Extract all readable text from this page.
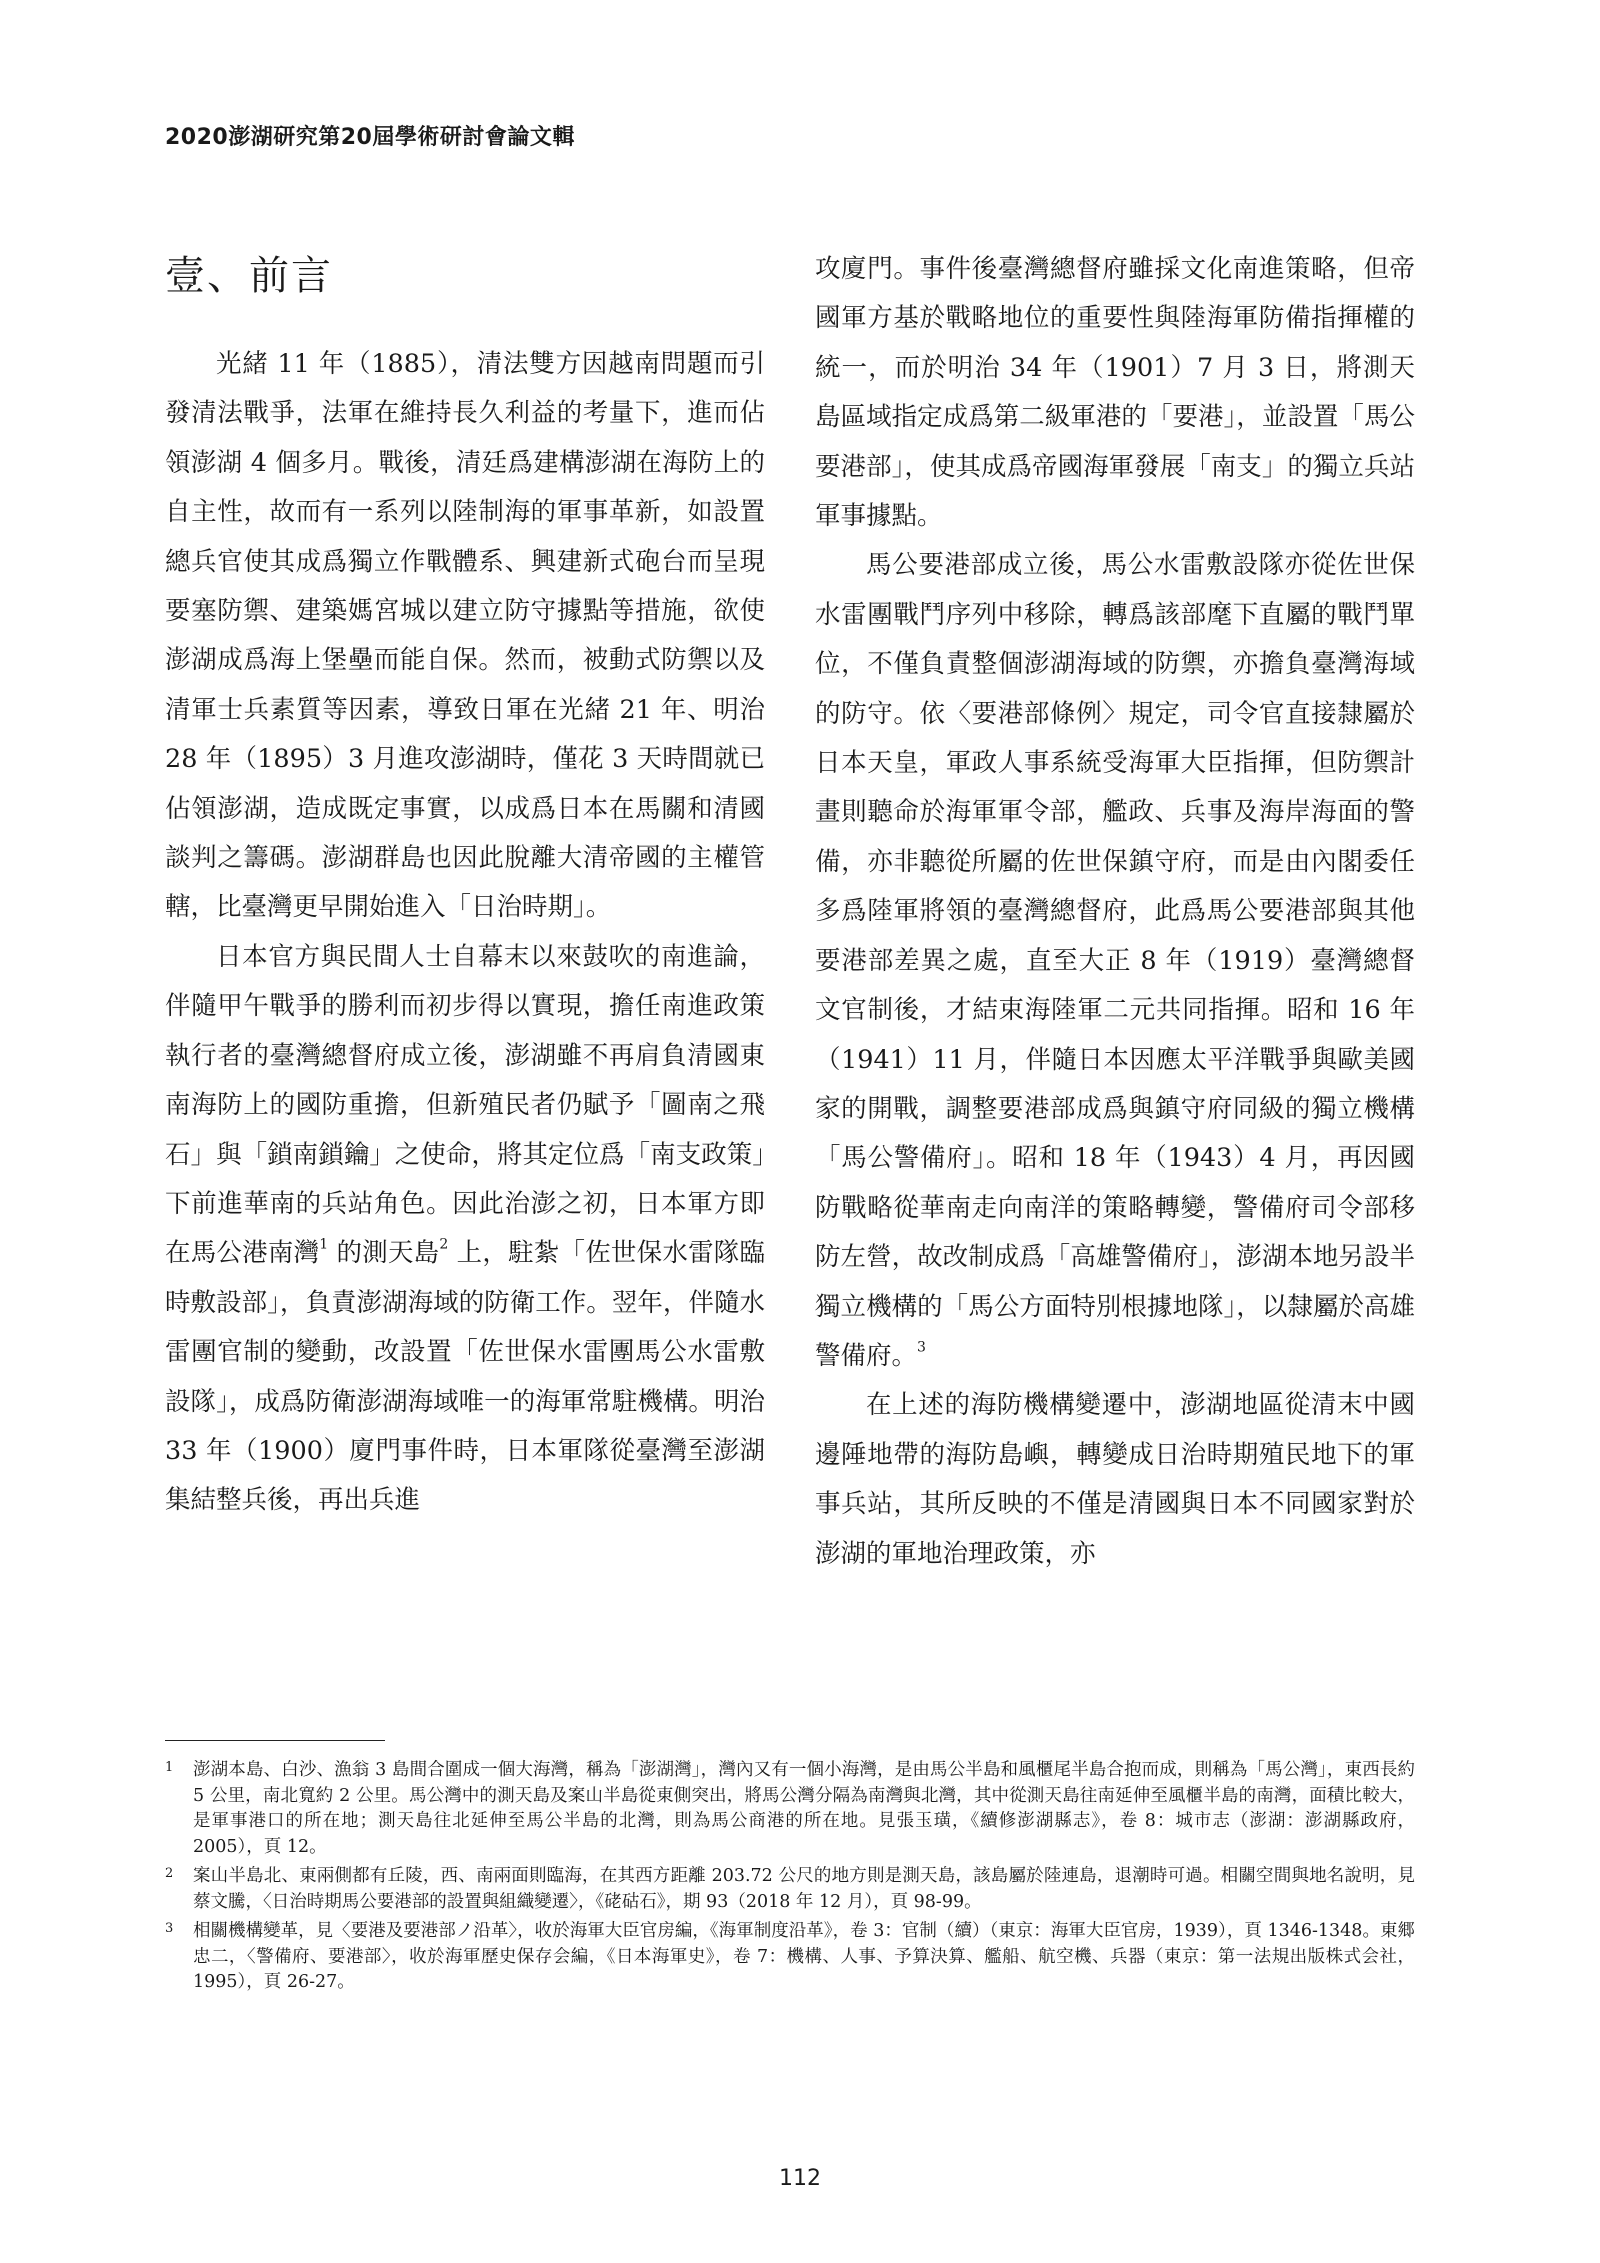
2020澎湖研究第20屆學術研討會論文輯
壹、前言

光緒 11 年（1885），清法雙方因越南問題而引發清法戰爭，法軍在維持長久利益的考量下，進而佔領澎湖 4 個多月。戰後，清廷爲建構澎湖在海防上的自主性，故而有一系列以陸制海的軍事革新，如設置總兵官使其成爲獨立作戰體系、興建新式砲台而呈現要塞防禦、建築媽宮城以建立防守據點等措施，欲使澎湖成爲海上堡壘而能自保。然而，被動式防禦以及清軍士兵素質等因素，導致日軍在光緒 21 年、明治 28 年（1895）3 月進攻澎湖時，僅花 3 天時間就已佔領澎湖，造成既定事實，以成爲日本在馬關和清國談判之籌碼。澎湖群島也因此脫離大清帝國的主權管轄，比臺灣更早開始進入「日治時期」。

日本官方與民間人士自幕末以來鼓吹的南進論，伴隨甲午戰爭的勝利而初步得以實現，擔任南進政策執行者的臺灣總督府成立後，澎湖雖不再肩負清國東南海防上的國防重擔，但新殖民者仍賦予「圖南之飛石」與「鎖南鎖鑰」之使命，將其定位爲「南支政策」下前進華南的兵站角色。因此治澎之初，日本軍方即在馬公港南灣$^1$ 的測天島$^2$ 上，駐紮「佐世保水雷隊臨時敷設部」，負責澎湖海域的防衛工作。翌年，伴隨水雷團官制的變動，改設置「佐世保水雷團馬公水雷敷設隊」，成爲防衛澎湖海域唯一的海軍常駐機構。明治 33 年（1900）廈門事件時，日本軍隊從臺灣至澎湖集結整兵後，再出兵進

攻廈門。事件後臺灣總督府雖採文化南進策略，但帝國軍方基於戰略地位的重要性與陸海軍防備指揮權的統一，而於明治 34 年（1901）7 月 3 日，將測天島區域指定成爲第二級軍港的「要港」，並設置「馬公要港部」，使其成爲帝國海軍發展「南支」的獨立兵站軍事據點。

馬公要港部成立後，馬公水雷敷設隊亦從佐世保水雷團戰鬥序列中移除，轉爲該部麾下直屬的戰鬥單位，不僅負責整個澎湖海域的防禦，亦擔負臺灣海域的防守。依〈要港部條例〉規定，司令官直接隸屬於日本天皇，軍政人事系統受海軍大臣指揮，但防禦計畫則聽命於海軍軍令部，艦政、兵事及海岸海面的警備，亦非聽從所屬的佐世保鎮守府，而是由內閣委任多爲陸軍將領的臺灣總督府，此爲馬公要港部與其他要港部差異之處，直至大正 8 年（1919）臺灣總督文官制後，才結束海陸軍二元共同指揮。昭和 16 年（1941）11 月，伴隨日本因應太平洋戰爭與歐美國家的開戰，調整要港部成爲與鎮守府同級的獨立機構「馬公警備府」。昭和 18 年（1943）4 月，再因國防戰略從華南走向南洋的策略轉變，警備府司令部移防左營，故改制成爲「高雄警備府」，澎湖本地另設半獨立機構的「馬公方面特別根據地隊」，以隸屬於高雄警備府。$^3$

在上述的海防機構變遷中，澎湖地區從清末中國邊陲地帶的海防島嶼，轉變成日治時期殖民地下的軍事兵站，其所反映的不僅是清國與日本不同國家對於澎湖的軍地治理政策，亦

1 澎湖本島、白沙、漁翁 3 島間合圍成一個大海灣，稱為「澎湖灣」，灣內又有一個小海灣，是由馬公半島和風櫃尾半島合抱而成，則稱為「馬公灣」，東西長約 5 公里，南北寬約 2 公里。馬公灣中的測天島及案山半島從東側突出，將馬公灣分隔為南灣與北灣，其中從測天島往南延伸至風櫃半島的南灣，面積比較大，是軍事港口的所在地；測天島往北延伸至馬公半島的北灣，則為馬公商港的所在地。見張玉璜，《續修澎湖縣志》，卷 8：城市志（澎湖：澎湖縣政府，2005），頁 12。
2 案山半島北、東兩側都有丘陵，西、南兩面則臨海，在其西方距離 203.72 公尺的地方則是測天島，該島屬於陸連島，退潮時可過。相關空間與地名說明，見蔡文騰，〈日治時期馬公要港部的設置與組織變遷〉，《硓𥑮石》，期 93（2018 年 12 月），頁 98-99。
3 相關機構變革，見〈要港及要港部ノ沿革〉，收於海軍大臣官房編，《海軍制度沿革》，卷 3：官制（續）（東京：海軍大臣官房，1939），頁 1346-1348。東郷忠二，〈警備府、要港部〉，收於海軍歷史保存会編，《日本海軍史》，卷 7：機構、人事、予算決算、艦船、航空機、兵器（東京：第一法規出版株式会社，1995），頁 26-27。
112
